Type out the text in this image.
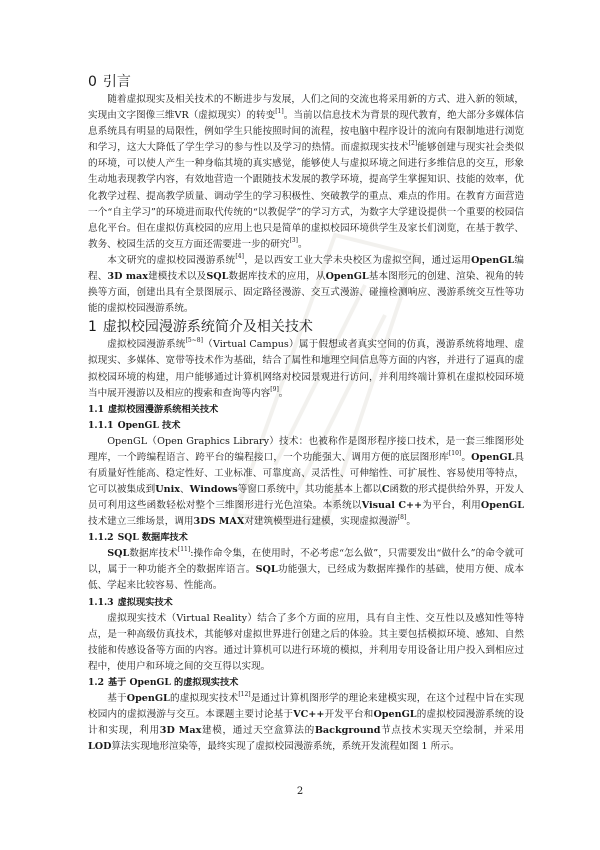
0 引言

随着虚拟现实及相关技术的不断进步与发展，人们之间的交流也将采用新的方式、进入新的领域，实现由文字图像三维VR（虚拟现实）的转变[1]。当前以信息技术为背景的现代教育，绝大部分多媒体信息系统具有明显的局限性，例如学生只能按照时间的流程，按电脑中程序设计的流向有限制地进行浏览和学习，这大大降低了学生学习的参与性以及学习的热情。而虚拟现实技术[2]能够创建与现实社会类似的环境，可以使人产生一种身临其境的真实感觉，能够使人与虚拟环境之间进行多维信息的交互，形象生动地表现教学内容，有效地营造一个跟随技术发展的教学环境，提高学生掌握知识、技能的效率，优化教学过程、提高教学质量、调动学生的学习积极性、突破教学的重点、难点的作用。在教育方面营造一个“自主学习”的环境进而取代传统的“以教促学”的学习方式，为数字大学建设提供一个重要的校园信息化平台。但在虚拟仿真校园的应用上也只是简单的虚拟校园环境供学生及家长们浏览，在基于教学、教务、校园生活的交互方面还需要进一步的研究[3]。

本文研究的虚拟校园漫游系统[4]，是以西安工业大学未央校区为虚拟空间，通过运用OpenGL编程、3D max建模技术以及SQL数据库技术的应用，从OpenGL基本图形元的创建、渲染、视角的转换等方面，创建出具有全景图展示、固定路径漫游、交互式漫游、碰撞检测响应、漫游系统交互性等功能的虚拟校园漫游系统。

1 虚拟校园漫游系统简介及相关技术

虚拟校园漫游系统[5~8]（Virtual Campus）属于假想或者真实空间的仿真，漫游系统将地理、虚拟现实、多媒体、宽带等技术作为基础，结合了属性和地理空间信息等方面的内容，并进行了逼真的虚拟校园环境的构建，用户能够通过计算机网络对校园景观进行访问，并利用终端计算机在虚拟校园环境当中展开漫游以及相应的搜索和查询等内容[9]。

1.1 虚拟校园漫游系统相关技术
1.1.1 OpenGL 技术

OpenGL（Open Graphics Library）技术：也被称作是图形程序接口技术，是一套三维图形处理库，一个跨编程语言、跨平台的编程接口，一个功能强大、调用方便的底层图形库[10]。OpenGL具有质量好性能高、稳定性好、工业标准、可靠度高、灵活性、可伸缩性、可扩展性、容易使用等特点，它可以被集成到Unix、Windows等窗口系统中，其功能基本上都以C函数的形式提供给外界，开发人员可利用这些函数轻松对整个三维图形进行光色渲染。本系统以Visual C++为平台，利用OpenGL技术建立三维场景，调用3DS MAX对建筑模型进行建模，实现虚拟漫游[8]。

1.1.2 SQL 数据库技术

SQL数据库技术[11]:操作命令集，在使用时，不必考虑“怎么做”，只需要发出“做什么”的命令就可以，属于一种功能齐全的数据库语言。SQL功能强大，已经成为数据库操作的基础，使用方便、成本低、学起来比较容易、性能高。

1.1.3 虚拟现实技术

虚拟现实技术（Virtual Reality）结合了多个方面的应用，具有自主性、交互性以及感知性等特点，是一种高级仿真技术，其能够对虚拟世界进行创建之后的体验。其主要包括模拟环境、感知、自然技能和传感设备等方面的内容。通过计算机可以进行环境的模拟，并利用专用设备让用户投入到相应过程中，使用户和环境之间的交互得以实现。

1.2 基于 OpenGL 的虚拟现实技术

基于OpenGL的虚拟现实技术[12]是通过计算机图形学的理论来建模实现，在这个过程中旨在实现校园内的虚拟漫游与交互。本课题主要讨论基于VC++开发平台和OpenGL的虚拟校园漫游系统的设计和实现，利用3D Max建模，通过天空盒算法的Background节点技术实现天空绘制，并采用LOD算法实现地形渲染等，最终实现了虚拟校园漫游系统，系统开发流程如图 1 所示。

2
